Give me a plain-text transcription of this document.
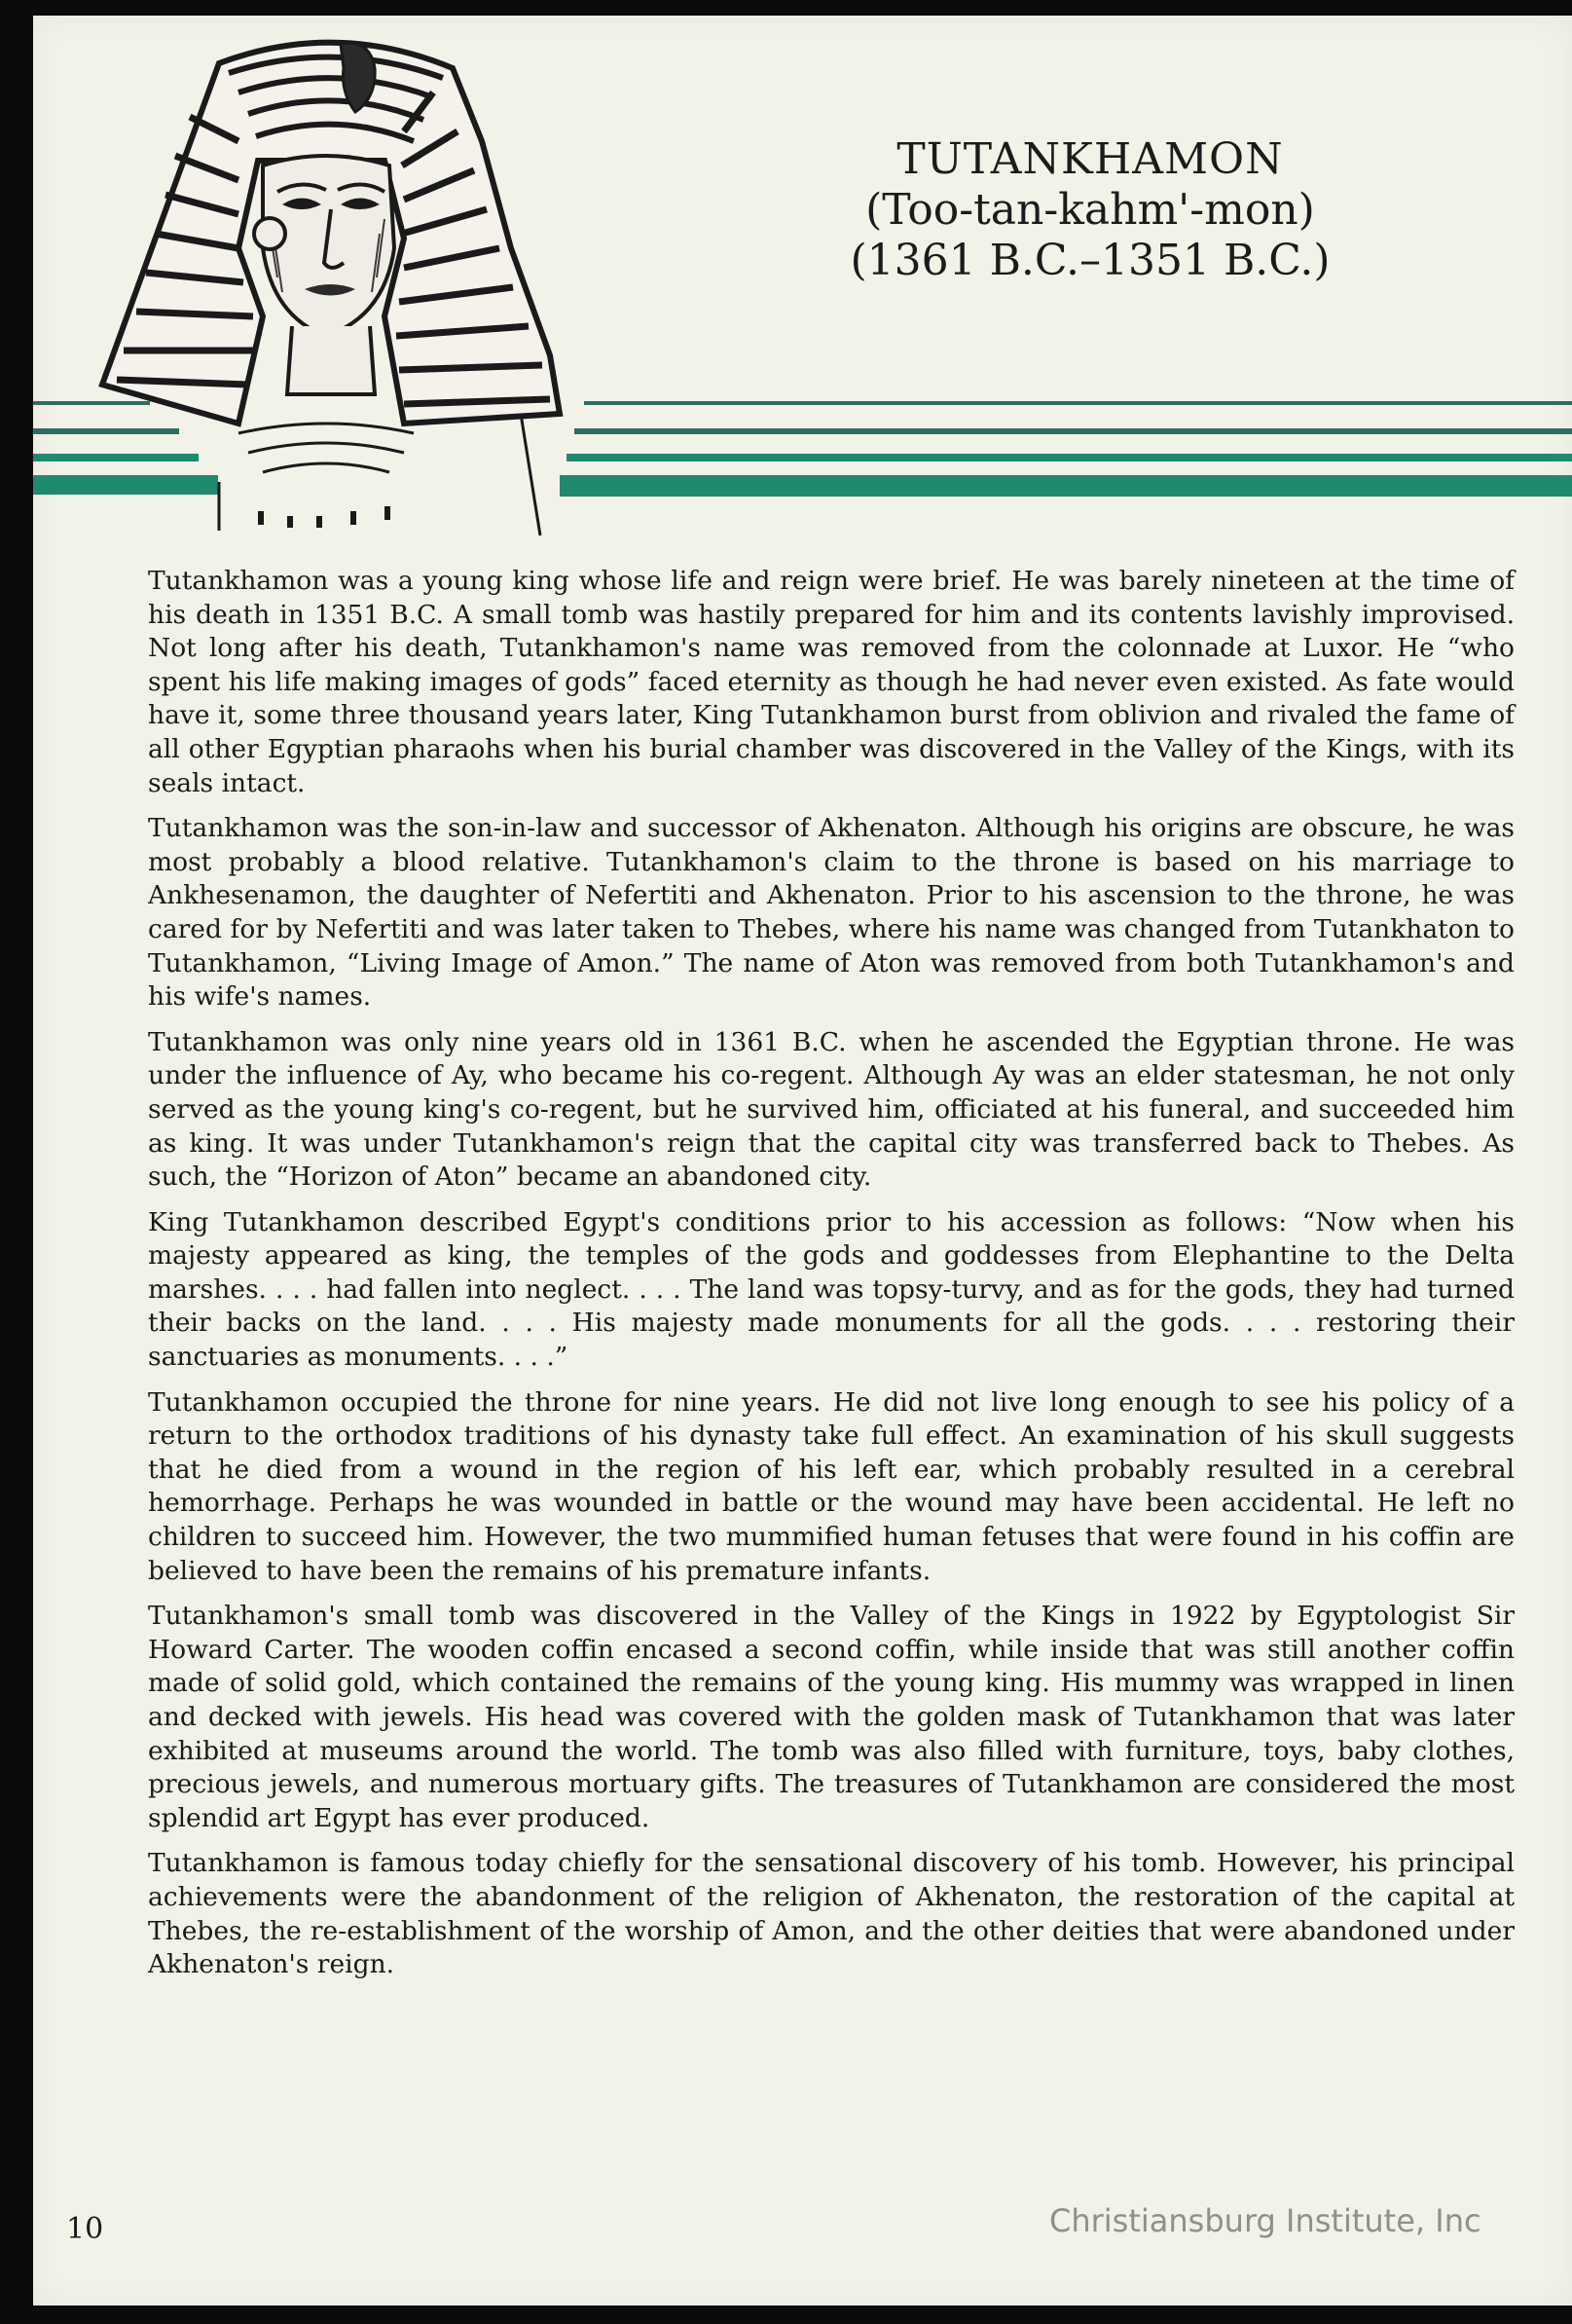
TUTANKHAMON
(Too-tan-kahm'-mon)
(1361 B.C.–1351 B.C.)

Tutankhamon was a young king whose life and reign were brief. He was barely nineteen at the time of his death in 1351 B.C. A small tomb was hastily prepared for him and its contents lavishly improvised. Not long after his death, Tutankhamon's name was removed from the colonnade at Luxor. He “who spent his life making images of gods” faced eternity as though he had never even existed. As fate would have it, some three thousand years later, King Tutankhamon burst from oblivion and rivaled the fame of all other Egyptian pharaohs when his burial chamber was discovered in the Valley of the Kings, with its seals intact.

Tutankhamon was the son-in-law and successor of Akhenaton. Although his origins are obscure, he was most probably a blood relative. Tutankhamon's claim to the throne is based on his marriage to Ankhesenamon, the daughter of Nefertiti and Akhenaton. Prior to his ascension to the throne, he was cared for by Nefertiti and was later taken to Thebes, where his name was changed from Tutankhaton to Tutankhamon, “Living Image of Amon.” The name of Aton was removed from both Tutankhamon's and his wife's names.

Tutankhamon was only nine years old in 1361 B.C. when he ascended the Egyptian throne. He was under the influence of Ay, who became his co-regent. Although Ay was an elder statesman, he not only served as the young king's co-regent, but he survived him, officiated at his funeral, and succeeded him as king. It was under Tutankhamon's reign that the capital city was transferred back to Thebes. As such, the “Horizon of Aton” became an abandoned city.

King Tutankhamon described Egypt's conditions prior to his accession as follows: “Now when his majesty appeared as king, the temples of the gods and goddesses from Elephantine to the Delta marshes. . . . had fallen into neglect. . . . The land was topsy-turvy, and as for the gods, they had turned their backs on the land. . . . His majesty made monuments for all the gods. . . . restoring their sanctuaries as monuments. . . .”

Tutankhamon occupied the throne for nine years. He did not live long enough to see his policy of a return to the orthodox traditions of his dynasty take full effect. An examination of his skull suggests that he died from a wound in the region of his left ear, which probably resulted in a cerebral hemorrhage. Perhaps he was wounded in battle or the wound may have been accidental. He left no children to succeed him. However, the two mummified human fetuses that were found in his coffin are believed to have been the remains of his premature infants.

Tutankhamon's small tomb was discovered in the Valley of the Kings in 1922 by Egyptologist Sir Howard Carter. The wooden coffin encased a second coffin, while inside that was still another coffin made of solid gold, which contained the remains of the young king. His mummy was wrapped in linen and decked with jewels. His head was covered with the golden mask of Tutankhamon that was later exhibited at museums around the world. The tomb was also filled with furniture, toys, baby clothes, precious jewels, and numerous mortuary gifts. The treasures of Tutankhamon are considered the most splendid art Egypt has ever produced.

Tutankhamon is famous today chiefly for the sensational discovery of his tomb. However, his principal achievements were the abandonment of the religion of Akhenaton, the restoration of the capital at Thebes, the re-establishment of the worship of Amon, and the other deities that were abandoned under Akhenaton's reign.

10	Christiansburg Institute, Inc
